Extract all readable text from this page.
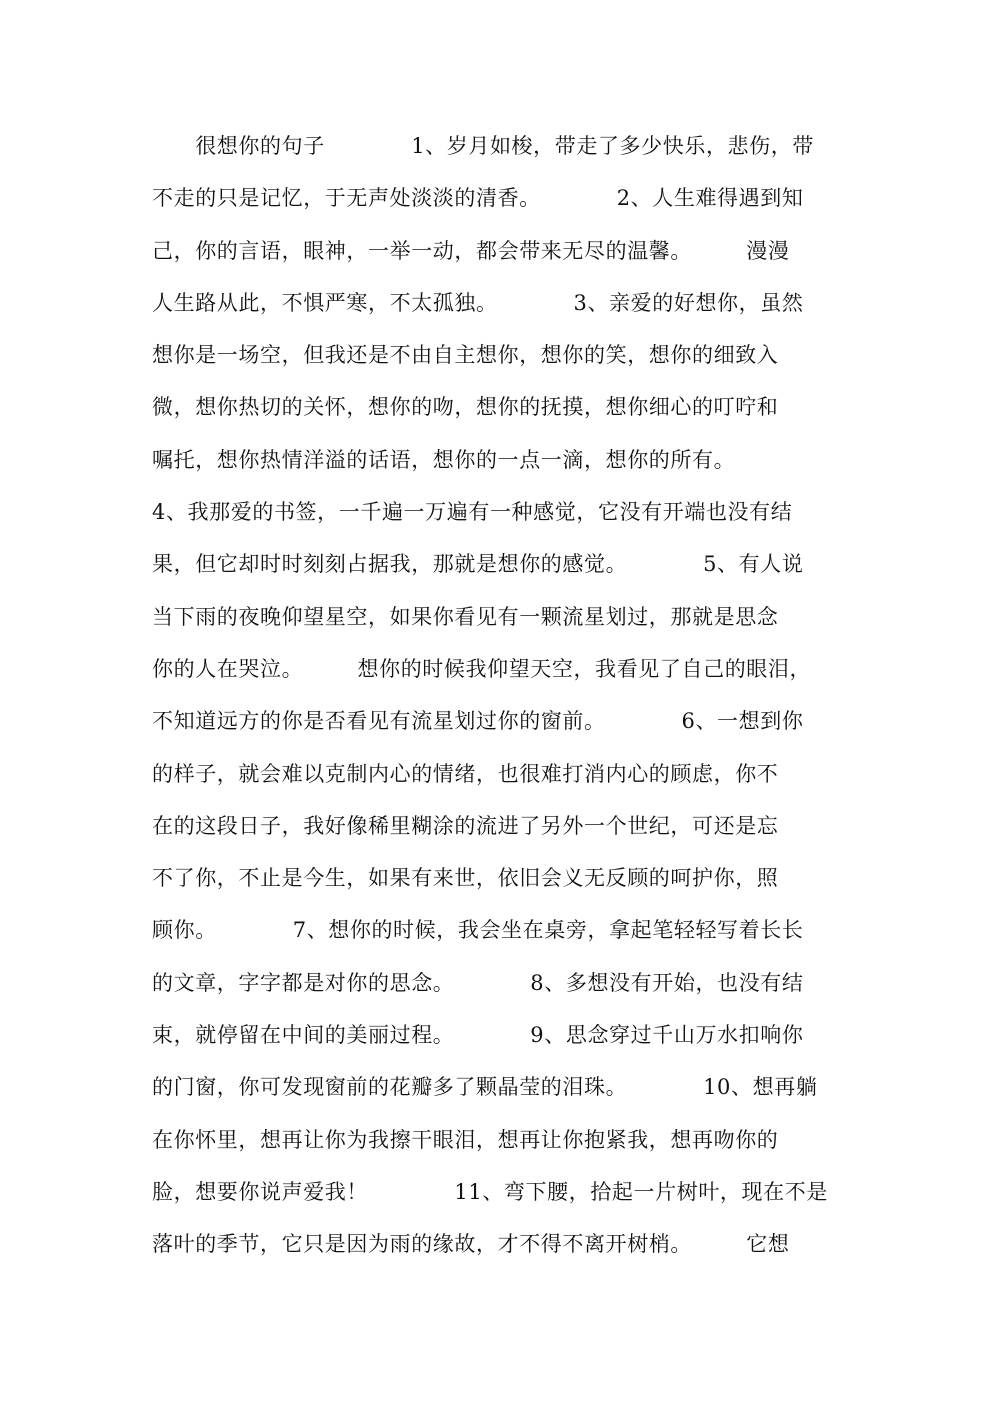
　　很想你的句子　　　　1、岁月如梭，带走了多少快乐，悲伤，带
不走的只是记忆，于无声处淡淡的清香。　　　　2、人生难得遇到知
己，你的言语，眼神，一举一动，都会带来无尽的温馨。　　　漫漫
人生路从此，不惧严寒，不太孤独。　　　　3、亲爱的好想你，虽然
想你是一场空，但我还是不由自主想你，想你的笑，想你的细致入
微，想你热切的关怀，想你的吻，想你的抚摸，想你细心的叮咛和
嘱托，想你热情洋溢的话语，想你的一点一滴，想你的所有。
4、我那爱的书签，一千遍一万遍有一种感觉，它没有开端也没有结
果，但它却时时刻刻占据我，那就是想你的感觉。　　　　5、有人说
当下雨的夜晚仰望星空，如果你看见有一颗流星划过，那就是思念
你的人在哭泣。　　　想你的时候我仰望天空，我看见了自己的眼泪，
不知道远方的你是否看见有流星划过你的窗前。　　　　6、一想到你
的样子，就会难以克制内心的情绪，也很难打消内心的顾虑，你不
在的这段日子，我好像稀里糊涂的流进了另外一个世纪，可还是忘
不了你，不止是今生，如果有来世，依旧会义无反顾的呵护你，照
顾你。　　　　7、想你的时候，我会坐在桌旁，拿起笔轻轻写着长长
的文章，字字都是对你的思念。　　　　8、多想没有开始，也没有结
束，就停留在中间的美丽过程。　　　　9、思念穿过千山万水扣响你
的门窗，你可发现窗前的花瓣多了颗晶莹的泪珠。　　　　10、想再躺
在你怀里，想再让你为我擦干眼泪，想再让你抱紧我，想再吻你的
脸，想要你说声爱我！　　　　11、弯下腰，拾起一片树叶，现在不是
落叶的季节，它只是因为雨的缘故，才不得不离开树梢。　　　它想
